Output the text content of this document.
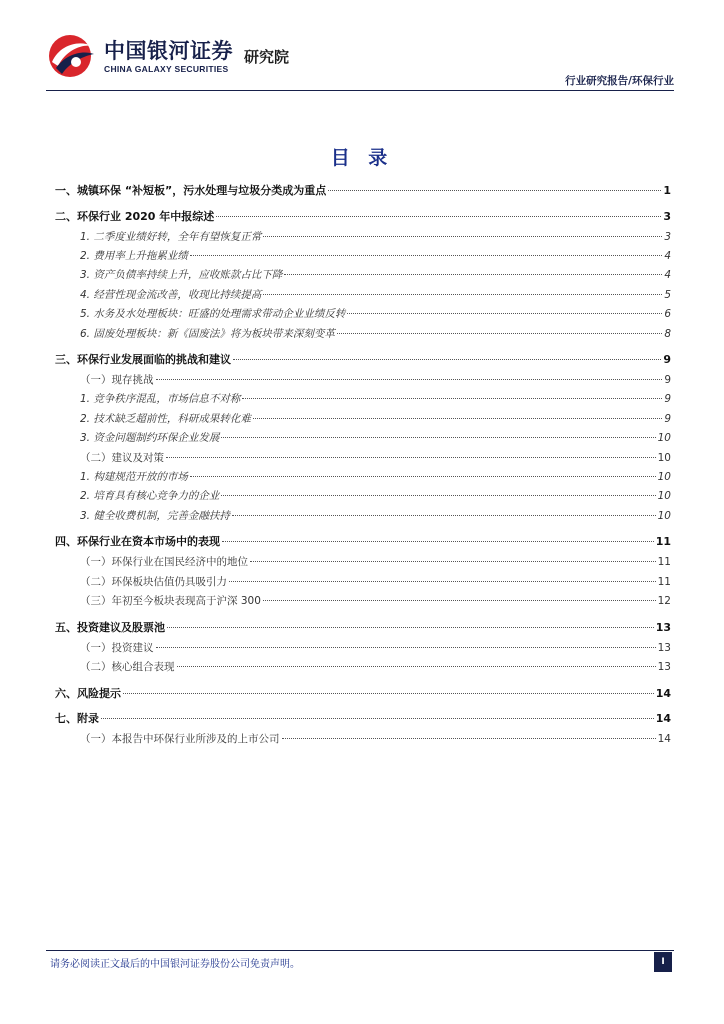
中国银河证券
CHINA GALAXY SECURITIES
研究院
行业研究报告/环保行业
目 录
一、城镇环保 “补短板”，污水处理与垃圾分类成为重点	1
二、环保行业 2020 年中报综述	3
1. 二季度业绩好转，全年有望恢复正常	3
2. 费用率上升拖累业绩	4
3. 资产负债率持续上升，应收账款占比下降	4
4. 经营性现金流改善，收现比持续提高	5
5. 水务及水处理板块：旺盛的处理需求带动企业业绩反转	6
6. 固废处理板块：新《固废法》将为板块带来深刻变革	8
三、环保行业发展面临的挑战和建议	9
（一）现存挑战	9
1. 竞争秩序混乱，市场信息不对称	9
2. 技术缺乏超前性，科研成果转化难	9
3. 资金问题制约环保企业发展	10
（二）建议及对策	10
1. 构建规范开放的市场	10
2. 培育具有核心竞争力的企业	10
3. 健全收费机制，完善金融扶持	10
四、环保行业在资本市场中的表现	11
（一）环保行业在国民经济中的地位	11
（二）环保板块估值仍具吸引力	11
（三）年初至今板块表现高于沪深 300	12
五、投资建议及股票池	13
（一）投资建议	13
（二）核心组合表现	13
六、风险提示	14
七、附录	14
（一）本报告中环保行业所涉及的上市公司	14
请务必阅读正文最后的中国银河证券股份公司免责声明。	I
